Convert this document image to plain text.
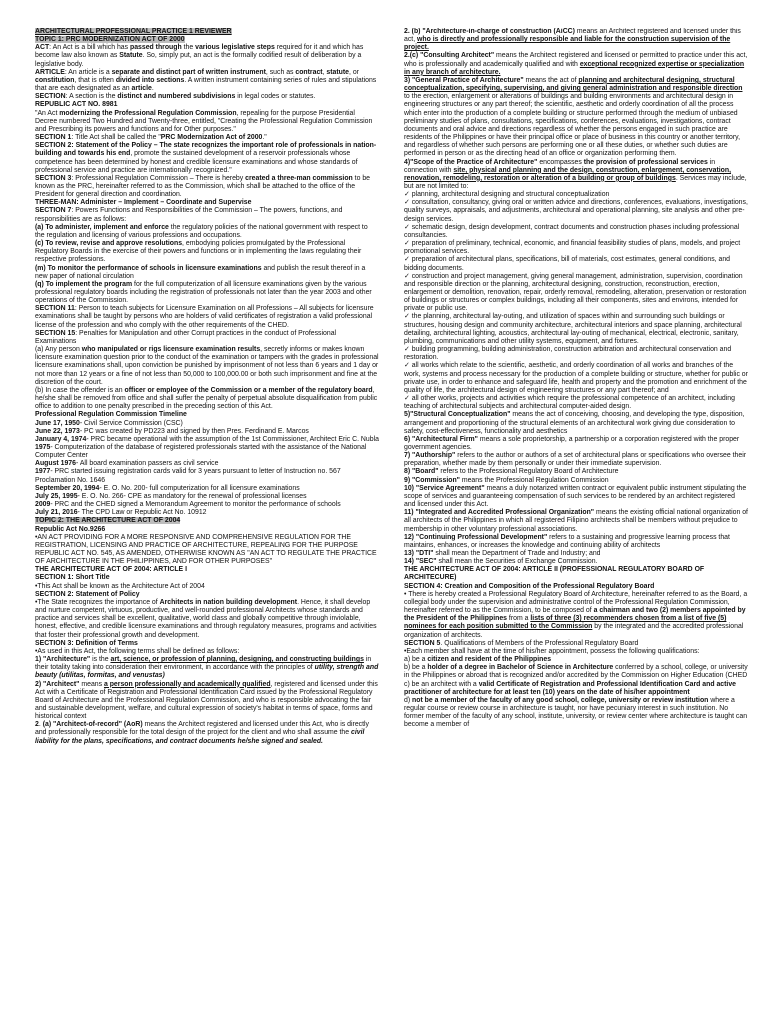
ARCHITECTURAL PROFESSIONAL PRACTICE 1 REVIEWER

TOPIC 1: PRC MODERNIZATION ACT OF 2000

ACT: An Act is a bill which has passed through the various legislative steps required for it and which has become law also known as Statute. So, simply put, an act is the formally codified result of deliberation by a legislative body.

ARTICLE: An article is a separate and distinct part of written instrument, such as contract, statute, or constitution, that is often divided into sections. A written instrument containing series of rules and stipulations that are each designated as an article.

SECTION: A section is the distinct and numbered subdivisions in legal codes or statutes.

REPUBLIC ACT NO. 8981

"An Act modernizing the Professional Regulation Commission, repealing for the purpose Presidential Decree numbered Two Hundred and Twenty-three, entitled, "Creating the Professional Regulation Commission and Prescribing its powers and functions and for Other purposes."

SECTION 1: Title Act shall be called the "PRC Modernization Act of 2000."

SECTION 2: Statement of the Policy – The state recognizes the important role of professionals in nation-building and towards his end, promote the sustained development of a reservoir professionals whose competence has been determined by honest and credible licensure examinations and whose standards of professional service and practice are internationally recognized."

SECTION 3: Professional Regulation Commission – There is hereby created a three-man commission to be known as the PRC, hereinafter referred to as the Commission, which shall be attached to the office of the President for general direction and coordination.

THREE-MAN: Administer – Implement – Coordinate and Supervise

SECTION 7: Powers Functions and Responsibilities of the Commission – The powers, functions, and responsibilities are as follows:

(a) To administer, implement and enforce the regulatory policies of the national government with respect to the regulation and licensing of various professions and occupations.

(c) To review, revise and approve resolutions, embodying policies promulgated by the Professional Regulatory Boards in the exercise of their powers and functions or in implementing the laws regulating their respective professions.

(m) To monitor the performance of schools in licensure examinations and publish the result thereof in a new paper of national circulation

(q) To implement the program for the full computerization of all licensure examinations given by the various professional regulatory boards including the registration of professionals not later than the year 2003 and other operations of the Commission.

SECTION 11: Person to teach subjects for Licensure Examination on all Professions – All subjects for licensure examinations shall be taught by persons who are holders of valid certificates of registration a valid professional license of the profession and who comply with the other requirements of the CHED.

SECTION 15: Penalties for Manipulation and other Corrupt practices in the conduct of Professional Examinations

(a) Any person who manipulated or rigs licensure examination results, secretly informs or makes known licensure examination question prior to the conduct of the examination or tampers with the grades in professional licensure examinations shall, upon conviction be punished by imprisonment of not less than 6 years and 1 day or not more than 12 years or a fine of not less than 50,000 to 100,000.00 or both such imprisonment and fine at the discretion of the court.

(b) In case the offender is an officer or employee of the Commission or a member of the regulatory board, he/she shall be removed from office and shall suffer the penalty of perpetual absolute disqualification from public office to addition to one penalty prescribed in the preceding section of this Act.

Professional Regulation Commission Timeline

June 17, 1950- Civil Service Commission (CSC)

June 22, 1973- PC was created by PD223 and signed by then Pres. Ferdinand E. Marcos

January 4, 1974- PRC became operational with the assumption of the 1st Commissioner, Architect Eric C. Nubla

1975- Computerization of the database of registered professionals started with the assistance of the National Computer Center

August 1976- All board examination passers as civil service

1977- PRC started issuing registration cards valid for 3 years pursuant to letter of Instruction no. 567 Proclamation No. 1646

September 20, 1994- E. O. No. 200- full computerization for all licensure examinations

July 25, 1995- E. O. No. 266- CPE as mandatory for the renewal of professional licenses

2009- PRC and the CHED signed a Memorandum Agreement to monitor the performance of schools

July 21, 2016- The CPD Law or Republic Act No. 10912

TOPIC 2: THE ARCHITECTURE ACT OF 2004

Republic Act No.9266

•AN ACT PROVIDING FOR A MORE RESPONSIVE AND COMPREHENSIVE REGULATION FOR THE REGISTRATION, LICENSING AND PRACTICE OF ARCHITECTURE, REPEALING FOR THE PURPOSE REPUBLIC ACT NO. 545, AS AMENDED, OTHERWISE KNOWN AS "AN ACT TO REGULATE THE PRACTICE OF ARCHITECTURE IN THE PHILIPPINES, AND FOR OTHER PURPOSES"

THE ARCHITECTURE ACT OF 2004: ARTICLE I

SECTION 1: Short Title

•This Act shall be known as the Architecture Act of 2004

SECTION 2: Statement of Policy

•The State recognizes the importance of Architects in nation building development. Hence, it shall develop and nurture competent, virtuous, productive, and well-rounded professional Architects whose standards and practice and services shall be excellent, qualitative, world class and globally competitive through inviolable, honest, effective, and credible licensure examinations and through regulatory measures, programs and activities that foster their professional growth and development.

SECTION 3: Definition of Terms

•As used in this Act, the following terms shall be defined as follows:

1) "Architecture" is the art, science, or profession of planning, designing, and constructing buildings in their totality taking into consideration their environment, in accordance with the principles of utility, strength and beauty (utilitas, formitas, and venustas)

2) "Architect" means a person professionally and academically qualified, registered and licensed under this Act with a Certificate of Registration and Professional Identification Card issued by the Professional Regulatory Board of Architecture and the Professional Regulation Commission, and who is responsible advocating the fair and sustainable development, welfare, and cultural expression of society's habitat in terms of space, forms and historical context

2. (a) "Architect-of-record" (AoR) means the Architect registered and licensed under this Act, who is directly and professionally responsible for the total design of the project for the client and who shall assume the civil liability for the plans, specifications, and contract documents he/she signed and sealed.

2. (b) "Architecture-in-charge of construction (AiCC) means an Architect registered and licensed under this act, who is directly and professionally responsible and liable for the construction supervision of the project.

2.(c) "Consulting Architect" means the Architect registered and licensed or permitted to practice under this act, who is professionally and academically qualified and with exceptional recognized expertise or specialization in any branch of architecture.

3) "General Practice of Architecture" means the act of planning and architectural designing, structural conceptualization, specifying, supervising, and giving general administration and responsible direction to the erection, enlargement or alterations of buildings and building environments and architectural design in engineering structures or any part thereof; the scientific, aesthetic and orderly coordination of all the process which enter into the production of a complete building or structure performed through the medium of unbiased preliminary studies of plans, consultations, specifications, conferences, evaluations, investigations, contract documents and oral advice and directions regardless of whether the persons engaged in such practice are residents of the Philippines or have their principal office or place of business in this country or another territory, and regardless of whether such persons are performing one or all these duties, or whether such duties are performed in person or as the directing head of an office or organization performing them.

4)"Scope of the Practice of Architecture" encompasses the provision of professional services in connection with site, physical and planning and the design, construction, enlargement, conservation, renovation, remodeling, restoration or alteration of a building or group of buildings. Services may include, but are not limited to:

✓ planning, architectural designing and structural conceptualization

✓ consultation, consultancy, giving oral or written advice and directions, conferences, evaluations, investigations, quality surveys, appraisals, and adjustments, architectural and operational planning, site analysis and other pre-design services.

✓ schematic design, design development, contract documents and construction phases including professional consultancies.

✓ preparation of preliminary, technical, economic, and financial feasibility studies of plans, models, and project promotional services.

✓ preparation of architectural plans, specifications, bill of materials, cost estimates, general conditions, and bidding documents.

✓ construction and project management, giving general management, administration, supervision, coordination and responsible direction or the planning, architectural designing, construction, reconstruction, erection, enlargement or demolition, renovation, repair, orderly removal, remodeling, alteration, preservation or restoration of buildings or structures or complex buildings, including all their components, sites and environs, intended for private or public use.

✓ the planning, architectural lay-outing, and utilization of spaces within and surrounding such buildings or structures, housing design and community architecture, architectural interiors and space planning, architectural detailing, architectural lighting, acoustics, architectural lay-outing of mechanical, electrical, electronic, sanitary, plumbing, communications and other utility systems, equipment, and fixtures.

✓ building programming, building administration, construction arbitration and architectural conservation and restoration.

✓ all works which relate to the scientific, aesthetic, and orderly coordination of all works and branches of the work, systems and process necessary for the production of a complete building or structure, whether for public or private use, in order to enhance and safeguard life, health and property and the promotion and enrichment of the quality of life, the architectural design of engineering structures or any part thereof; and

✓ all other works, projects and activities which require the professional competence of an architect, including teaching of architectural subjects and architectural computer-aided design.

5)"Structural Conceptualization" means the act of conceiving, choosing, and developing the type, disposition, arrangement and proportioning of the structural elements of an architectural work giving due consideration to safety, cost-effectiveness, functionality and aesthetics

6) "Architectural Firm" means a sole proprietorship, a partnership or a corporation registered with the proper government agencies.

7) "Authorship" refers to the author or authors of a set of architectural plans or specifications who oversee their preparation, whether made by them personally or under their immediate supervision.

8) "Board" refers to the Professional Regulatory Board of Architecture

9) "Commission" means the Professional Regulation Commission

10) "Service Agreement" means a duly notarized written contract or equivalent public instrument stipulating the scope of services and guaranteeing compensation of such services to be rendered by an architect registered and licensed under this Act.

11) "Integrated and Accredited Professional Organization" means the existing official national organization of all architects of the Philippines in which all registered Filipino architects shall be members without prejudice to membership in other voluntary professional associations.

12) "Continuing Professional Development" refers to a sustaining and progressive learning process that maintains, enhances, or increases the knowledge and continuing ability of architects

13) "DTI" shall mean the Department of Trade and Industry; and

14) "SEC" shall mean the Securities of Exchange Commission.

THE ARCHITECTURE ACT OF 2004: ARTICLE II (PROFESSIONAL REGULATORY BOARD OF ARCHITECURE)

SECTION 4: Creation and Composition of the Professional Regulatory Board

• There is hereby created a Professional Regulatory Board of Architecture, hereinafter referred to as the Board, a collegial body under the supervision and administrative control of the Professional Regulation Commission, hereinafter referred to as the Commission, to be composed of a chairman and two (2) members appointed by the President of the Philippines from a lists of three (3) recommenders chosen from a list of five (5) nominees for each position submitted to the Commission by the integrated and the accredited professional organization of architects.

SECTION 5. Qualifications of Members of the Professional Regulatory Board

•Each member shall have at the time of his/her appointment, possess the following qualifications:

a) be a citizen and resident of the Philippines

b) be a holder of a degree in Bachelor of Science in Architecture conferred by a school, college, or university in the Philippines or abroad that is recognized and/or accredited by the Commission on Higher Education (CHED

c) be an architect with a valid Certificate of Registration and Professional Identification Card and active practitioner of architecture for at least ten (10) years on the date of his/her appointment

d) not be a member of the faculty of any good school, college, university or review institution where a regular course or review course in architecture is taught, nor have pecuniary interest in such institution. No former member of the faculty of any school, institute, university, or review center where architecture is taught can become a member of
